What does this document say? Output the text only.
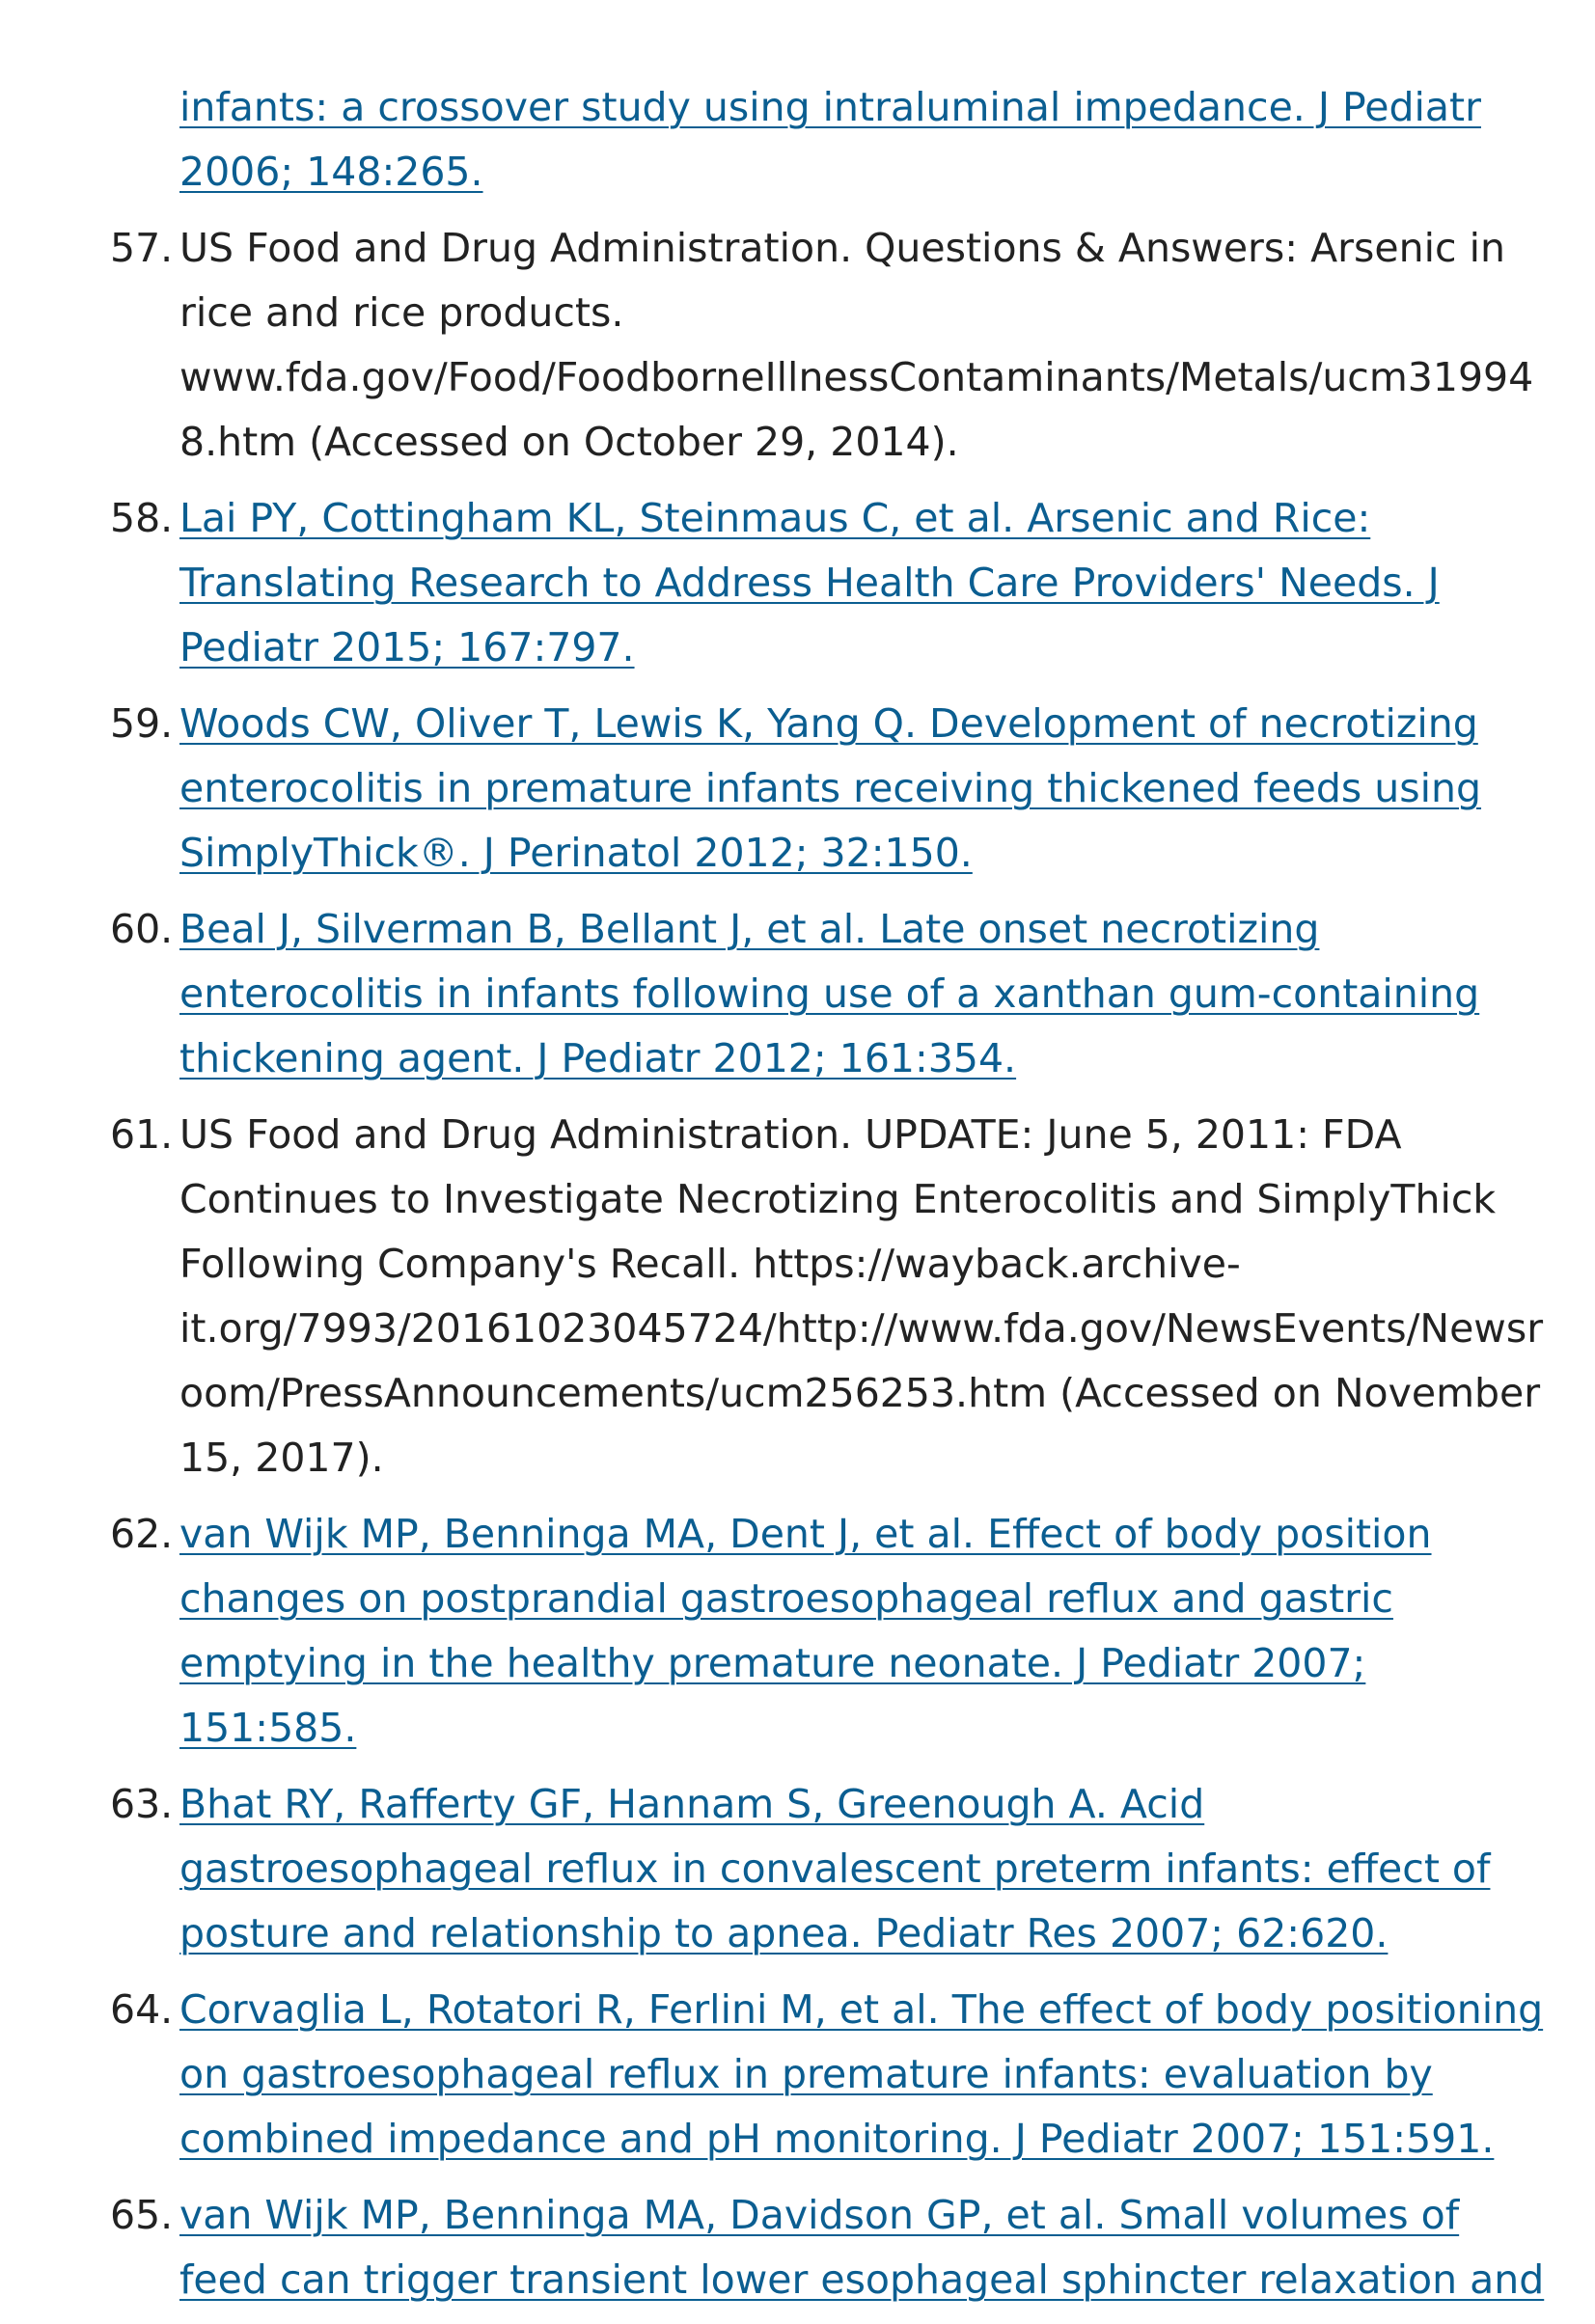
infants: a crossover study using intraluminal impedance. J Pediatr 2006; 148:265.
57. US Food and Drug Administration. Questions & Answers: Arsenic in rice and rice products. www.fda.gov/Food/FoodborneIllnessContaminants/Metals/ucm319948.htm (Accessed on October 29, 2014).
58. Lai PY, Cottingham KL, Steinmaus C, et al. Arsenic and Rice: Translating Research to Address Health Care Providers' Needs. J Pediatr 2015; 167:797.
59. Woods CW, Oliver T, Lewis K, Yang Q. Development of necrotizing enterocolitis in premature infants receiving thickened feeds using SimplyThick®. J Perinatol 2012; 32:150.
60. Beal J, Silverman B, Bellant J, et al. Late onset necrotizing enterocolitis in infants following use of a xanthan gum-containing thickening agent. J Pediatr 2012; 161:354.
61. US Food and Drug Administration. UPDATE: June 5, 2011: FDA Continues to Investigate Necrotizing Enterocolitis and SimplyThick Following Company's Recall. https://wayback.archive-it.org/7993/20161023045724/http://www.fda.gov/NewsEvents/Newsroom/PressAnnouncements/ucm256253.htm (Accessed on November 15, 2017).
62. van Wijk MP, Benninga MA, Dent J, et al. Effect of body position changes on postprandial gastroesophageal reflux and gastric emptying in the healthy premature neonate. J Pediatr 2007; 151:585.
63. Bhat RY, Rafferty GF, Hannam S, Greenough A. Acid gastroesophageal reflux in convalescent preterm infants: effect of posture and relationship to apnea. Pediatr Res 2007; 62:620.
64. Corvaglia L, Rotatori R, Ferlini M, et al. The effect of body positioning on gastroesophageal reflux in premature infants: evaluation by combined impedance and pH monitoring. J Pediatr 2007; 151:591.
65. van Wijk MP, Benninga MA, Davidson GP, et al. Small volumes of feed can trigger transient lower esophageal sphincter relaxation and
